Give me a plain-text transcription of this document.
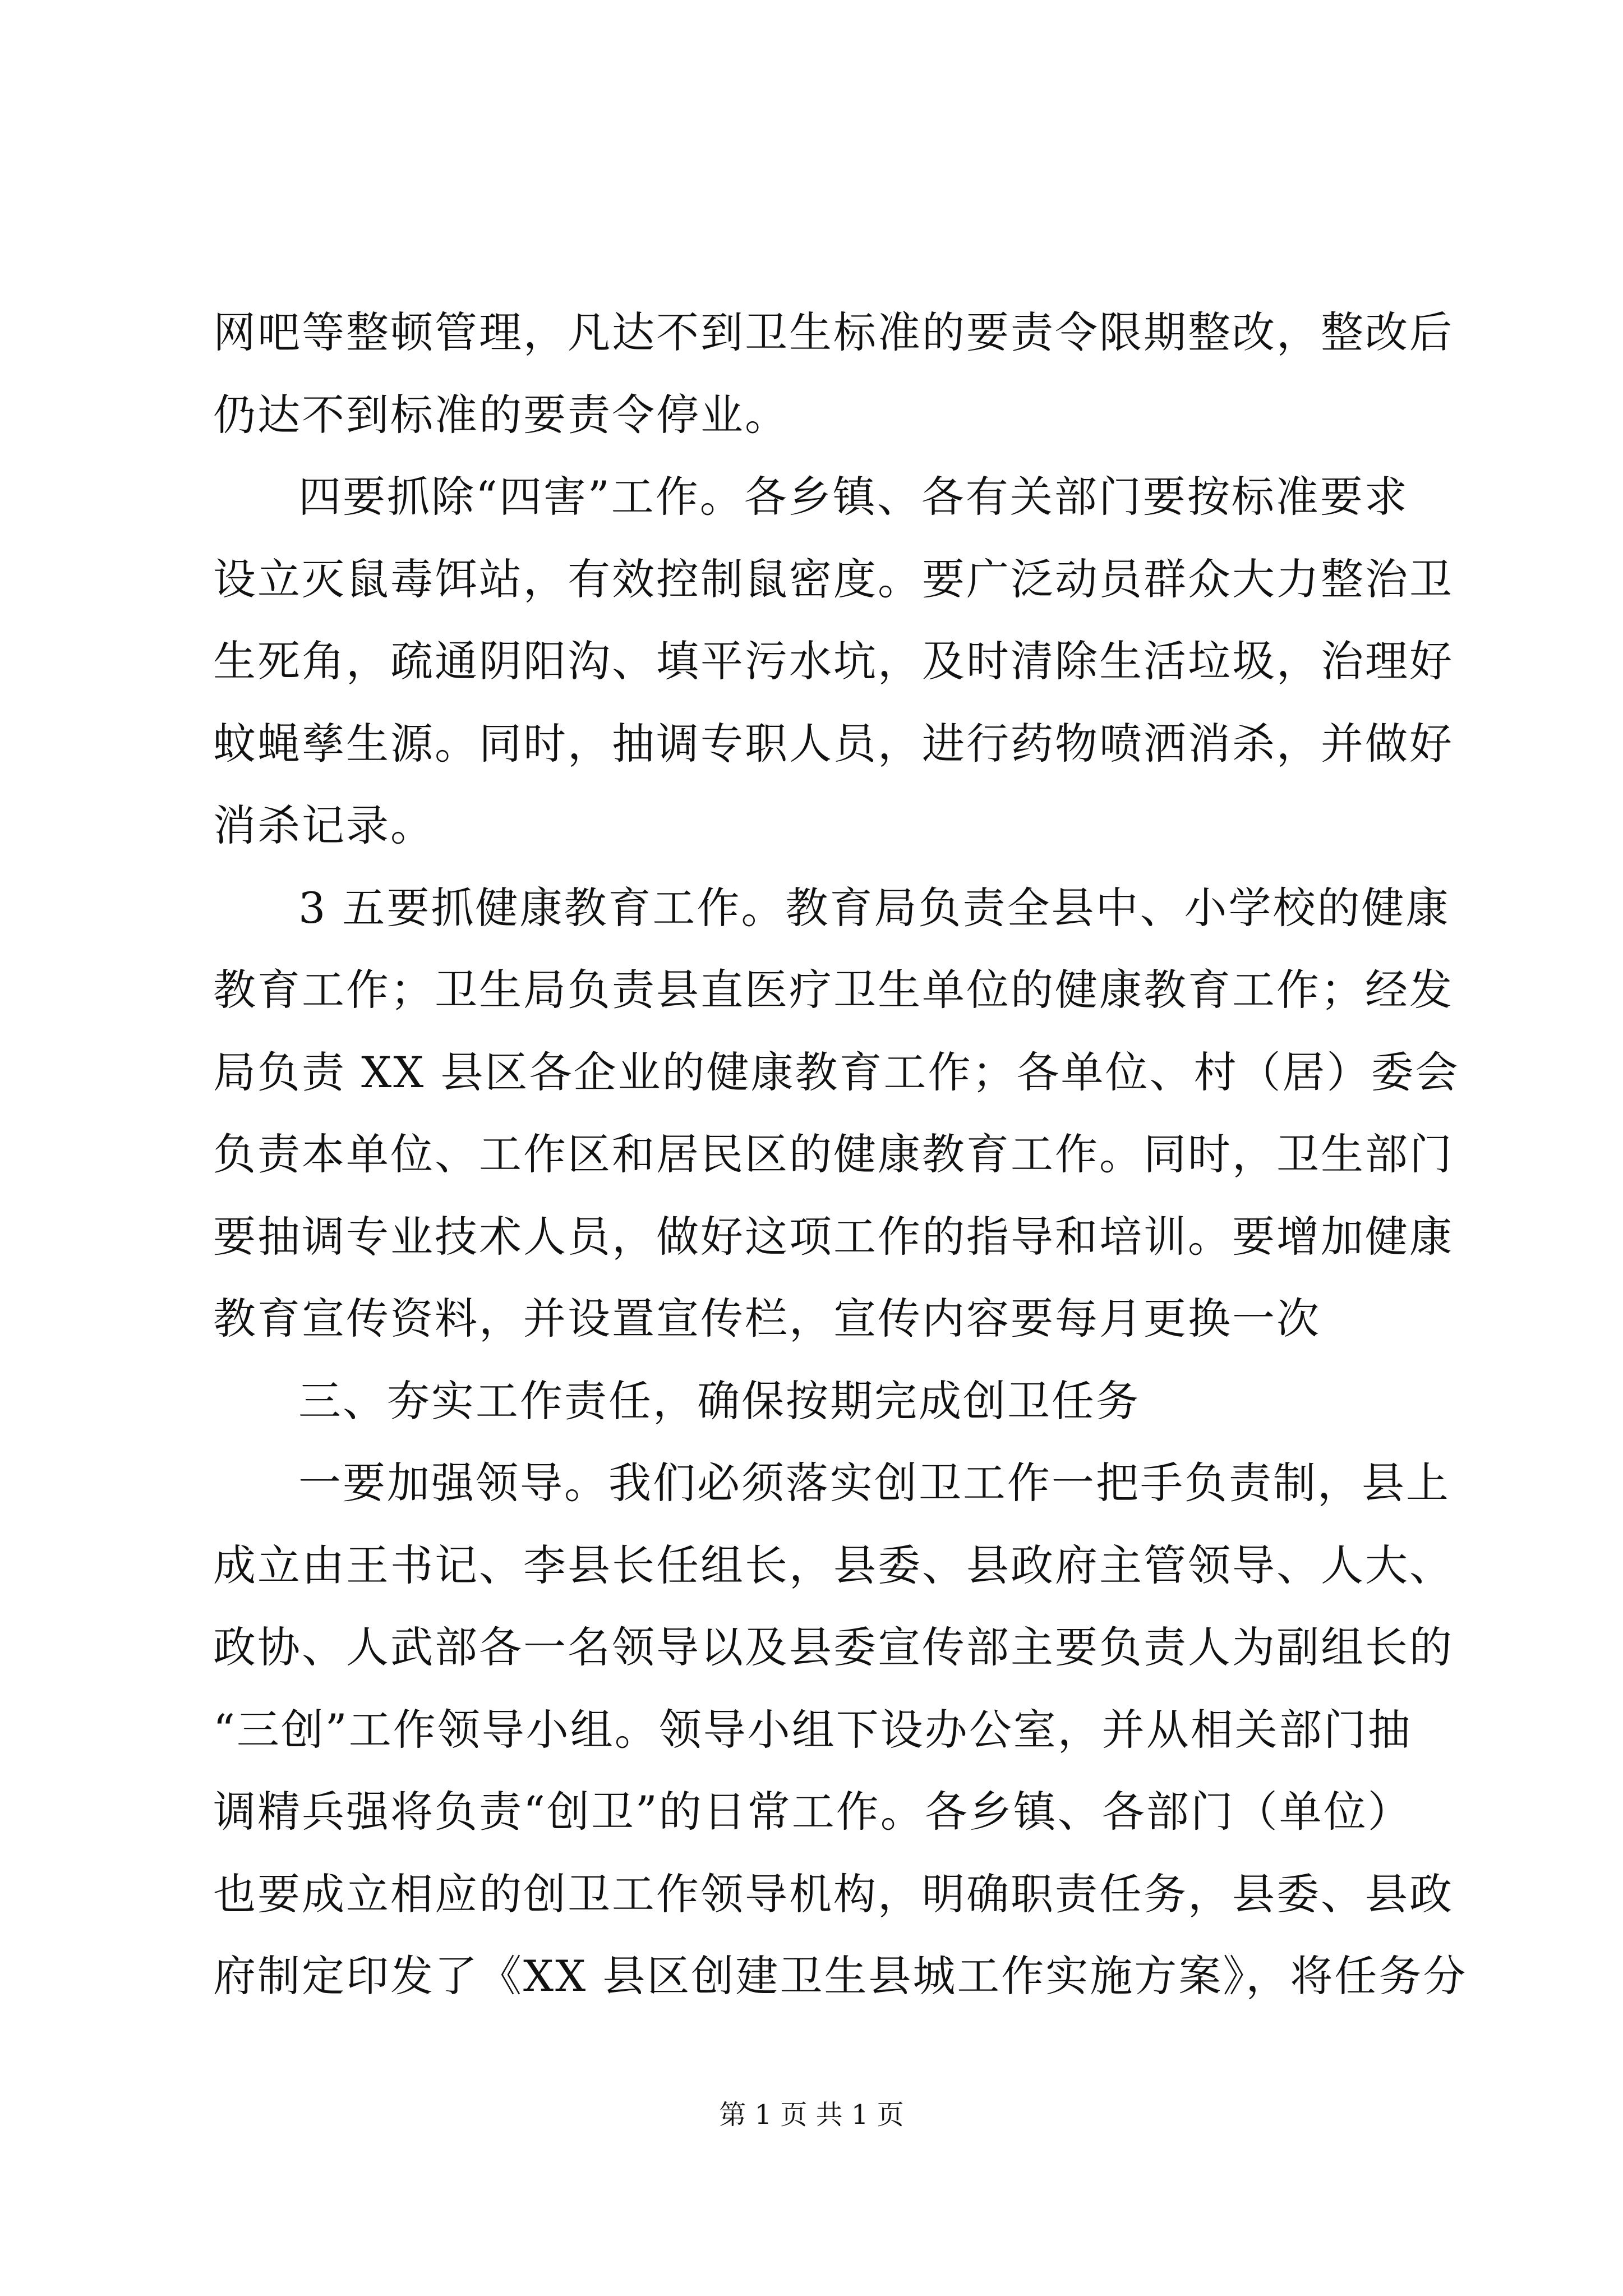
网吧等整顿管理，凡达不到卫生标准的要责令限期整改，整改后
仍达不到标准的要责令停业。
四要抓除“四害”工作。各乡镇、各有关部门要按标准要求
设立灭鼠毒饵站，有效控制鼠密度。要广泛动员群众大力整治卫
生死角，疏通阴阳沟、填平污水坑，及时清除生活垃圾，治理好
蚊蝇孳生源。同时，抽调专职人员，进行药物喷洒消杀，并做好
消杀记录。
3 五要抓健康教育工作。教育局负责全县中、小学校的健康
教育工作；卫生局负责县直医疗卫生单位的健康教育工作；经发
局负责 XX 县区各企业的健康教育工作；各单位、村（居）委会
负责本单位、工作区和居民区的健康教育工作。同时，卫生部门
要抽调专业技术人员，做好这项工作的指导和培训。要增加健康
教育宣传资料，并设置宣传栏，宣传内容要每月更换一次
三、夯实工作责任，确保按期完成创卫任务
一要加强领导。我们必须落实创卫工作一把手负责制，县上
成立由王书记、李县长任组长，县委、县政府主管领导、人大、
政协、人武部各一名领导以及县委宣传部主要负责人为副组长的
“三创”工作领导小组。领导小组下设办公室，并从相关部门抽
调精兵强将负责“创卫”的日常工作。各乡镇、各部门（单位）
也要成立相应的创卫工作领导机构，明确职责任务，县委、县政
府制定印发了《XX 县区创建卫生县城工作实施方案》，将任务分
第 1 页 共 1 页
